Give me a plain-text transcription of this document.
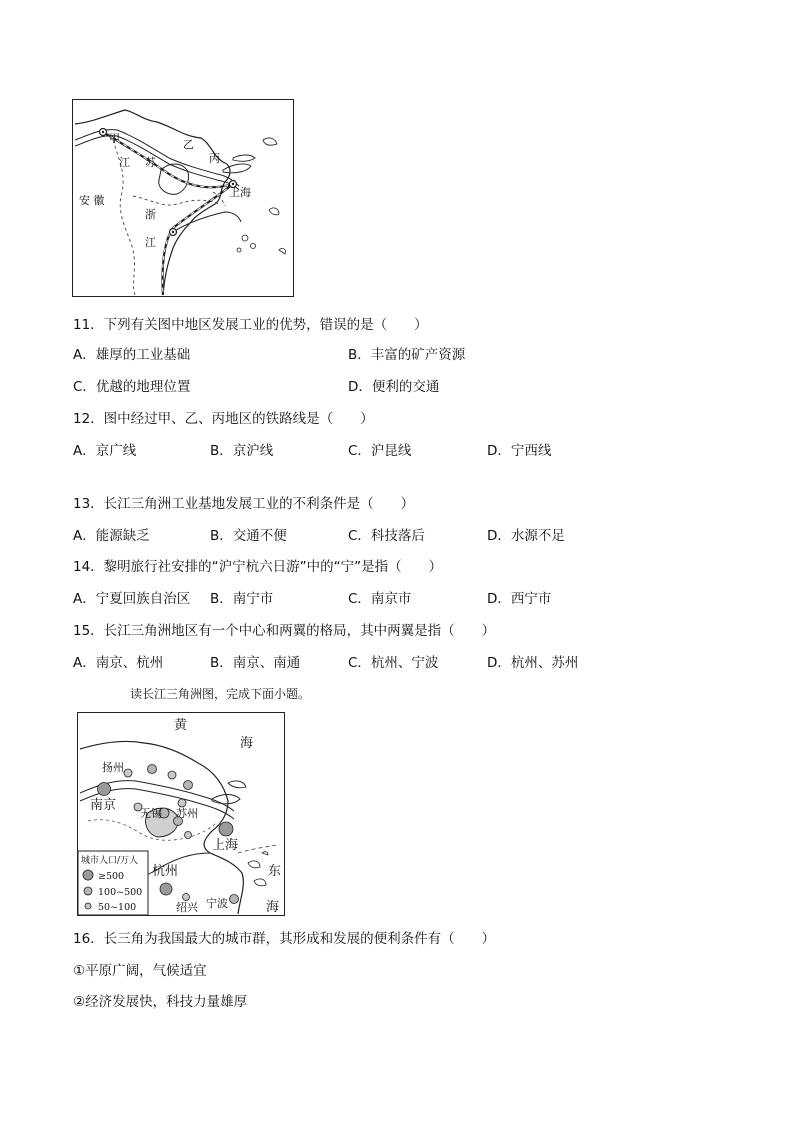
甲	乙
丙
江 苏
上海
安 徽
浙
江
11．下列有关图中地区发展工业的优势，错误的是（　　）
A．雄厚的工业基础	B．丰富的矿产资源
C．优越的地理位置	D．便利的交通
12．图中经过甲、乙、丙地区的铁路线是（　　）
A．京广线	B．京沪线	C．沪昆线	D．宁西线
13．长江三角洲工业基地发展工业的不利条件是（　　）
A．能源缺乏	B．交通不便	C．科技落后	D．水源不足
14．黎明旅行社安排的“沪宁杭六日游”中的“宁”是指（　　）
A．宁夏回族自治区 B．南宁市	C．南京市	D．西宁市
15．长江三角洲地区有一个中心和两翼的格局，其中两翼是指（　　）
A．南京、杭州	B．南京、南通	C．杭州、宁波	D．杭州、苏州
读长江三角洲图，完成下面小题。
黄
海
扬州
南京
无锡 苏州
上海
杭州
绍兴 宁波
东
海
城市人口/万人
≥500
100~500
50~100
16．长三角为我国最大的城市群，其形成和发展的便利条件有（　　）
①平原广阔，气候适宜
②经济发展快，科技力量雄厚
